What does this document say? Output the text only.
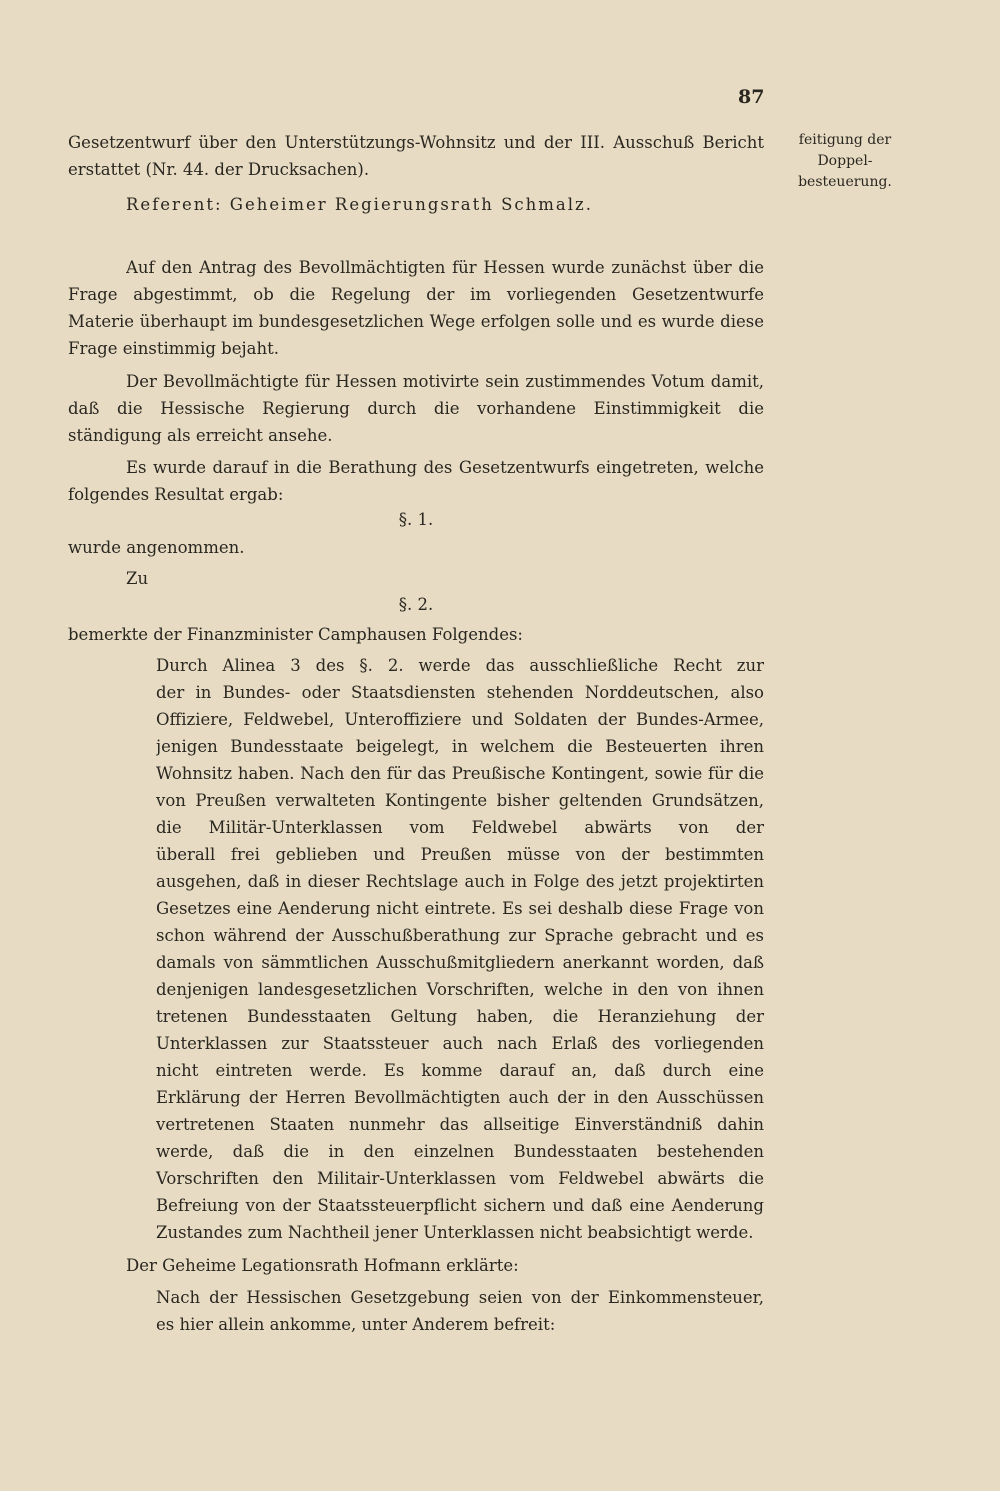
87
feitigung der
Doppel-
besteuerung.
Gesetzentwurf über den Unterstützungs-Wohnsitz und der III. Ausschuß Bericht
erstattet (Nr. 44. der Drucksachen).
Referent: Geheimer Regierungsrath Schmalz.
Auf den Antrag des Bevollmächtigten für Hessen wurde zunächst über die
Frage abgestimmt, ob die Regelung der im vorliegenden Gesetzentwurfe
Materie überhaupt im bundesgesetzlichen Wege erfolgen solle und es wurde diese
Frage einstimmig bejaht.
Der Bevollmächtigte für Hessen motivirte sein zustimmendes Votum damit,
daß die Hessische Regierung durch die vorhandene Einstimmigkeit die
ständigung als erreicht ansehe.
Es wurde darauf in die Berathung des Gesetzentwurfs eingetreten, welche
folgendes Resultat ergab:
§. 1.
wurde angenommen.
Zu
§. 2.
bemerkte der Finanzminister Camphausen Folgendes:
Durch Alinea 3 des §. 2. werde das ausschließliche Recht zur
der in Bundes- oder Staatsdiensten stehenden Norddeutschen, also
Offiziere, Feldwebel, Unteroffiziere und Soldaten der Bundes-Armee,
jenigen Bundesstaate beigelegt, in welchem die Besteuerten ihren
Wohnsitz haben. Nach den für das Preußische Kontingent, sowie für die
von Preußen verwalteten Kontingente bisher geltenden Grundsätzen,
die Militär-Unterklassen vom Feldwebel abwärts von der
überall frei geblieben und Preußen müsse von der bestimmten
ausgehen, daß in dieser Rechtslage auch in Folge des jetzt projektirten
Gesetzes eine Aenderung nicht eintrete. Es sei deshalb diese Frage von
schon während der Ausschußberathung zur Sprache gebracht und es
damals von sämmtlichen Ausschußmitgliedern anerkannt worden, daß
denjenigen landesgesetzlichen Vorschriften, welche in den von ihnen
tretenen Bundesstaaten Geltung haben, die Heranziehung der
Unterklassen zur Staatssteuer auch nach Erlaß des vorliegenden
nicht eintreten werde. Es komme darauf an, daß durch eine
Erklärung der Herren Bevollmächtigten auch der in den Ausschüssen
vertretenen Staaten nunmehr das allseitige Einverständniß dahin
werde, daß die in den einzelnen Bundesstaaten bestehenden
Vorschriften den Militair-Unterklassen vom Feldwebel abwärts die
Befreiung von der Staatssteuerpflicht sichern und daß eine Aenderung
Zustandes zum Nachtheil jener Unterklassen nicht beabsichtigt werde.
Der Geheime Legationsrath Hofmann erklärte:
Nach der Hessischen Gesetzgebung seien von der Einkommensteuer,
es hier allein ankomme, unter Anderem befreit:
